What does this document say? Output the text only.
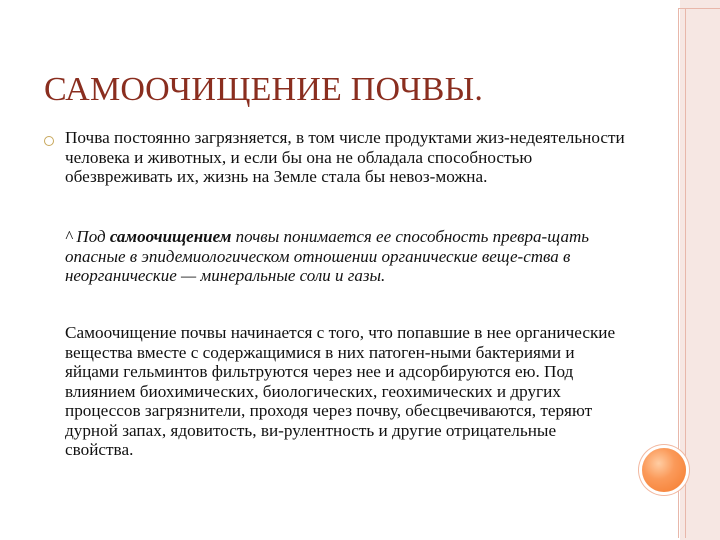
САМООЧИЩЕНИЕ ПОЧВЫ.
Почва постоянно загрязняется, в том числе продуктами жиз-недеятельности человека и животных, и если бы она не обладала способностью обезвреживать их, жизнь на Земле стала бы невоз-можна.
^ Под самоочищением почвы понимается ее способность превра-щать опасные в эпидемиологическом отношении органические веще-ства в неорганические — минеральные соли и газы.
Самоочищение почвы начинается с того, что попавшие в нее органические вещества вместе с содержащимися в них патоген-ными бактериями и яйцами гельминтов фильтруются через нее и адсорбируются ею. Под влиянием биохимических, биологических, геохимических и других процессов загрязнители, проходя через почву, обесцвечиваются, теряют дурной запах, ядовитость, ви-рулентность и другие отрицательные свойства.
